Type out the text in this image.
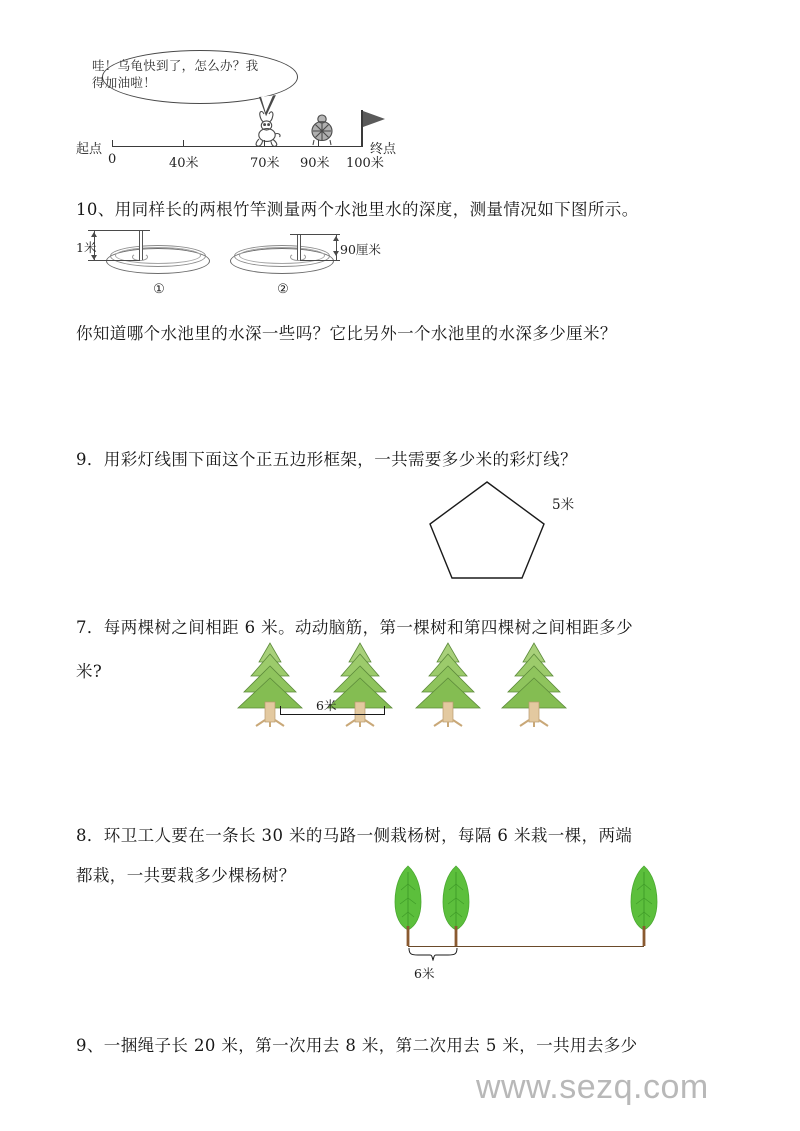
哇！乌龟快到了，怎么办？我得加油啦！
起点	终点
0	40米	70米 90米 100米
10、用同样长的两根竹竿测量两个水池里水的深度，测量情况如下图所示。
1米
①
90厘米
②
你知道哪个水池里的水深一些吗？它比另外一个水池里的水深多少厘米？
9．用彩灯线围下面这个正五边形框架，一共需要多少米的彩灯线？
5米
7．每两棵树之间相距 6 米。动动脑筋，第一棵树和第四棵树之间相距多少
米?
6米
8．环卫工人要在一条长 30 米的马路一侧栽杨树，每隔 6 米栽一棵，两端
都栽，一共要栽多少棵杨树？
6米
9、一捆绳子长 20 米，第一次用去 8 米，第二次用去 5 米，一共用去多少
www.sezq.com
